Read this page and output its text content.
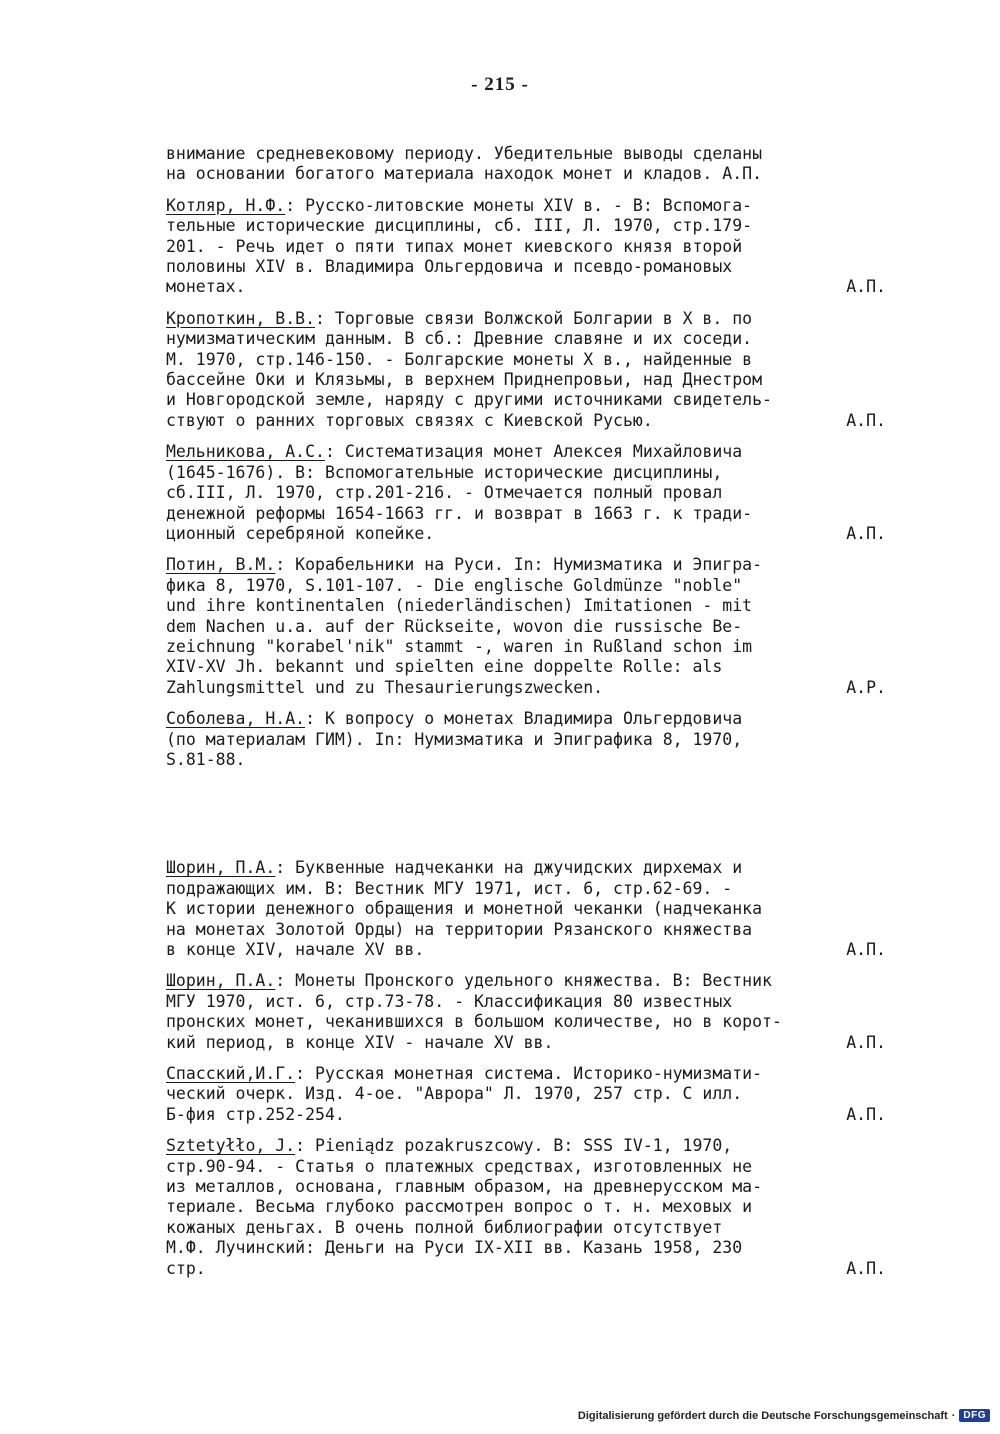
- 215 -
внимание средневековому периоду. Убедительные выводы сделаны
на основании богатого материала находок монет и кладов. А.П.
Котляр, Н.Ф.: Русско-литовские монеты XIV в. - В: Вспомога-
тельные исторические дисциплины, сб. III, Л. 1970, стр.179-
201. - Речь идет о пяти типах монет киевского князя второй
половины XIV в. Владимира Ольгердовича и псевдо-романовых
монетах.	А.П.
Кропоткин, В.В.: Торговые связи Волжской Болгарии в X в. по
нумизматическим данным. В сб.: Древние славяне и их соседи.
М. 1970, стр.146-150. - Болгарские монеты X в., найденные в
бассейне Оки и Клязьмы, в верхнем Приднепровьи, над Днестром
и Новгородской земле, наряду с другими источниками свидетель-
ствуют о ранних торговых связях с Киевской Русью.	А.П.
Мельникова, А.С.: Систематизация монет Алексея Михайловича
(1645-1676). В: Вспомогательные исторические дисциплины,
сб.III, Л. 1970, стр.201-216. - Отмечается полный провал
денежной реформы 1654-1663 гг. и возврат в 1663 г. к тради-
ционный серебряной копейке.	А.П.
Потин, В.М.: Корабельники на Руси. In: Нумизматика и Эпигра-
фика 8, 1970, S.101-107. - Die englische Goldmünze "noble"
und ihre kontinentalen (niederländischen) Imitationen - mit
dem Nachen u.a. auf der Rückseite, wovon die russische Be-
zeichnung "korabel'nik" stammt -, waren in Rußland schon im
XIV-XV Jh. bekannt und spielten eine doppelte Rolle: als
Zahlungsmittel und zu Thesaurierungszwecken.	A.P.
Соболева, Н.А.: К вопросу о монетах Владимира Ольгердовича
(по материалам ГИМ). In: Нумизматика и Эпиграфика 8, 1970,
S.81-88.
Шорин, П.А.: Буквенные надчеканки на джучидских дирхемах и
подражающих им. В: Вестник МГУ 1971, ист. 6, стр.62-69. -
К истории денежного обращения и монетной чеканки (надчеканка
на монетах Золотой Орды) на территории Рязанского княжества
в конце XIV, начале XV вв.	А.П.
Шорин, П.А.: Монеты Пронского удельного княжества. В: Вестник
МГУ 1970, ист. 6, стр.73-78. - Классификация 80 известных
пронских монет, чеканившихся в большом количестве, но в корот-
кий период, в конце XIV - начале XV вв.	А.П.
Спасский,И.Г.: Русская монетная система. Историко-нумизмати-
ческий очерк. Изд. 4-ое. "Аврора" Л. 1970, 257 стр. С илл.
Б-фия стр.252-254.	А.П.
Sztetyłło, J.: Pieniądz pozakruszcowy. В: SSS IV-1, 1970,
стр.90-94. - Статья о платежных средствах, изготовленных не
из металлов, основана, главным образом, на древнерусском ма-
териале. Весьма глубоко рассмотрен вопрос о т. н. меховых и
кожаных деньгах. В очень полной библиографии отсутствует
М.Ф. Лучинский: Деньги на Руси IX-XII вв. Казань 1958, 230
стр.	А.П.
Digitalisierung gefördert durch die Deutsche Forschungsgemeinschaft · DFG
